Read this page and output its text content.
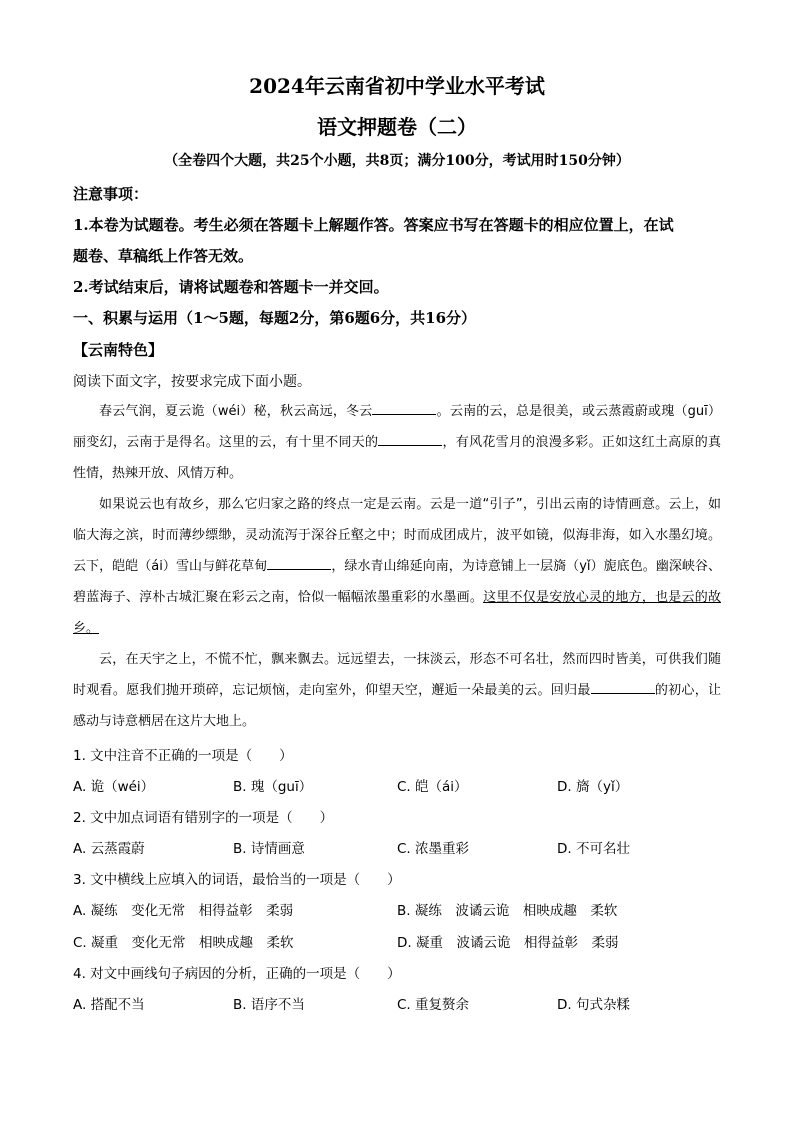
2024年云南省初中学业水平考试
语文押题卷（二）
（全卷四个大题，共25个小题，共8页；满分100分，考试用时150分钟）
注意事项：
1.本卷为试题卷。考生必须在答题卡上解题作答。答案应书写在答题卡的相应位置上，在试
题卷、草稿纸上作答无效。
2.考试结束后，请将试题卷和答题卡一并交回。
一、积累与运用（1～5题，每题2分，第6题6分，共16分）
【云南特色】
阅读下面文字，按要求完成下面小题。

春云气润，夏云诡（wéi）秘，秋云高远，冬云	。云南的云，总是很美，或云蒸霞蔚或瑰（guī）丽变幻，云南于是得名。这里的云，有十里不同天的	，有风花雪月的浪漫多彩。正如这红土高原的真性情，热辣开放、风情万种。

如果说云也有故乡，那么它归家之路的终点一定是云南。云是一道“引子”，引出云南的诗情画意。云上，如临大海之滨，时而薄纱缥缈，灵动流泻于深谷丘壑之中；时而成团成片，波平如镜，似海非海，如入水墨幻境。云下，皑皑（ái）雪山与鲜花草甸	，绿水青山绵延向南，为诗意铺上一层旖（yǐ）旎底色。幽深峡谷、碧蓝海子、淳朴古城汇聚在彩云之南，恰似一幅幅浓墨重彩的水墨画。这里不仅是安放心灵的地方，也是云的故乡。

云，在天宇之上，不慌不忙，飘来飘去。远远望去，一抹淡云，形态不可名壮，然而四时皆美，可供我们随时观看。愿我们抛开琐碎，忘记烦恼，走向室外，仰望天空，邂逅一朵最美的云。回归最	的初心，让感动与诗意栖居在这片大地上。

1. 文中注音不正确的一项是（　　）
A. 诡（wéi）	B. 瑰（guī）	C. 皑（ái）	D. 旖（yǐ）
2. 文中加点词语有错别字的一项是（　　）
A. 云蒸霞蔚	B. 诗情画意	C. 浓墨重彩	D. 不可名壮
3. 文中横线上应填入的词语，最恰当的一项是（　　）
A. 凝练　变化无常　相得益彰　柔弱	B. 凝练　波谲云诡　相映成趣　柔软
C. 凝重　变化无常　相映成趣　柔软	D. 凝重　波谲云诡　相得益彰　柔弱
4. 对文中画线句子病因的分析，正确的一项是（　　）
A. 搭配不当	B. 语序不当	C. 重复赘余	D. 句式杂糅
